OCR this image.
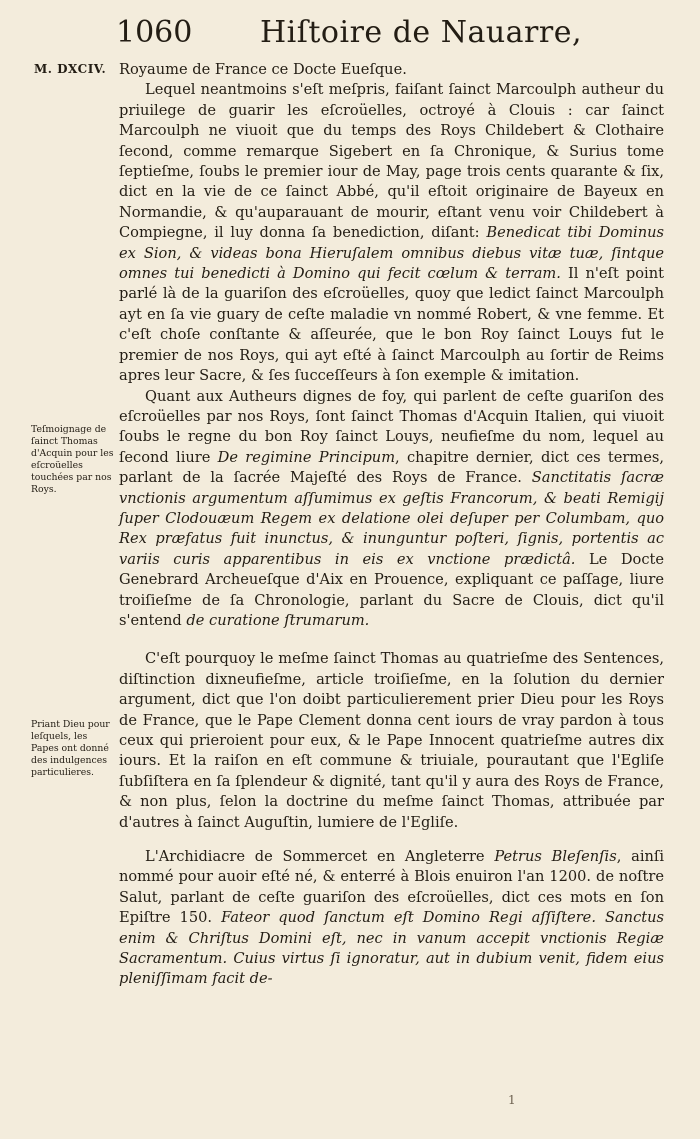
1060 Hiſtoire de Nauarre,
M. DXCIV. Royaume de France ce Docte Eueſque.

Lequel neantmoins s'eſt meſpris, faiſant ſainct Marcoulph autheur du priuilege de guarir les eſcroüelles, octroyé à Clouis : car ſainct Marcoulph ne viuoit que du temps des Roys Childebert & Clothaire ſecond, comme remarque Sigebert en ſa Chronique, & Surius tome ſeptieſme, ſoubs le premier iour de May, page trois cents quarante & ſix, dict en la vie de ce ſainct Abbé, qu'il eſtoit originaire de Bayeux en Normandie, & qu'auparauant de mourir, eſtant venu voir Childebert à Compiegne, il luy donna ſa benediction, diſant: Benedicat tibi Dominus ex Sion, & videas bona Hieruſalem omnibus diebus vitæ tuæ, ſintque omnes tui benedicti à Domino qui fecit cœlum & terram. Il n'eſt point parlé là de la guariſon des eſcroüelles, quoy que ledict ſainct Marcoulph ayt en ſa vie guary de ceſte maladie vn nommé Robert, & vne femme. Et c'eſt choſe conſtante & aſſeurée, que le bon Roy ſainct Louys fut le premier de nos Roys, qui ayt eſté à ſainct Marcoulph au ſortir de Reims apres leur Sacre, & ſes ſucceſſeurs à ſon exemple & imitation.

Quant aux Autheurs dignes de foy, qui parlent de ceſte guariſon des eſcroüelles par nos Roys, ſont ſainct Thomas d'Acquin Italien, qui viuoit ſoubs le regne du bon Roy ſainct Louys, neufieſme du nom, lequel au ſecond liure De regimine Principum, chapitre dernier, dict ces termes, parlant de la ſacrée Majeſté des Roys de France. Sanctitatis ſacræ vnctionis argumentum aſſumimus ex geſtis Francorum, & beati Remigij ſuper Clodouæum Regem ex delatione olei deſuper per Columbam, quo Rex præfatus fuit inunctus, & inunguntur poſteri, ſignis, portentis ac variis curis apparentibus in eis ex vnctione prædictâ. Le Docte Genebrard Archeueſque d'Aix en Prouence, expliquant ce paſſage, liure troiſieſme de ſa Chronologie, parlant du Sacre de Clouis, dict qu'il s'entend de curatione ſtrumarum.

C'eſt pourquoy le meſme ſainct Thomas au quatrieſme des Sentences, diſtinction dixneufieſme, article troiſieſme, en la ſolution du dernier argument, dict que l'on doibt particulierement prier Dieu pour les Roys de France, que le Pape Clement donna cent iours de vray pardon à tous ceux qui prieroient pour eux, & le Pape Innocent quatrieſme autres dix iours. Et la raiſon en eſt commune & triuiale, pourautant que l'Egliſe ſubſiſtera en ſa ſplendeur & dignité, tant qu'il y aura des Roys de France, & non plus, ſelon la doctrine du meſme ſainct Thomas, attribuée par d'autres à ſainct Auguſtin, lumiere de l'Egliſe.

L'Archidiacre de Sommercet en Angleterre Petrus Bleſenſis, ainſi nommé pour auoir eſté né, & enterré à Blois enuiron l'an 1200. de noſtre Salut, parlant de ceſte guariſon des eſcroüelles, dict ces mots en ſon Epiſtre 150. Fateor quod ſanctum eſt Domino Regi aſſiſtere. Sanctus enim & Chriſtus Domini eſt, nec in vanum accepit vnctionis Regiæ Sacramentum. Cuius virtus ſi ignoratur, aut in dubium venit, fidem eius pleniſſimam facit de-

Teſmoignage de ſainct Thomas d'Acquin pour les eſcroüelles touchées par nos Roys.
Priant Dieu pour leſquels, les Papes ont donné des indulgences particulieres.
1
